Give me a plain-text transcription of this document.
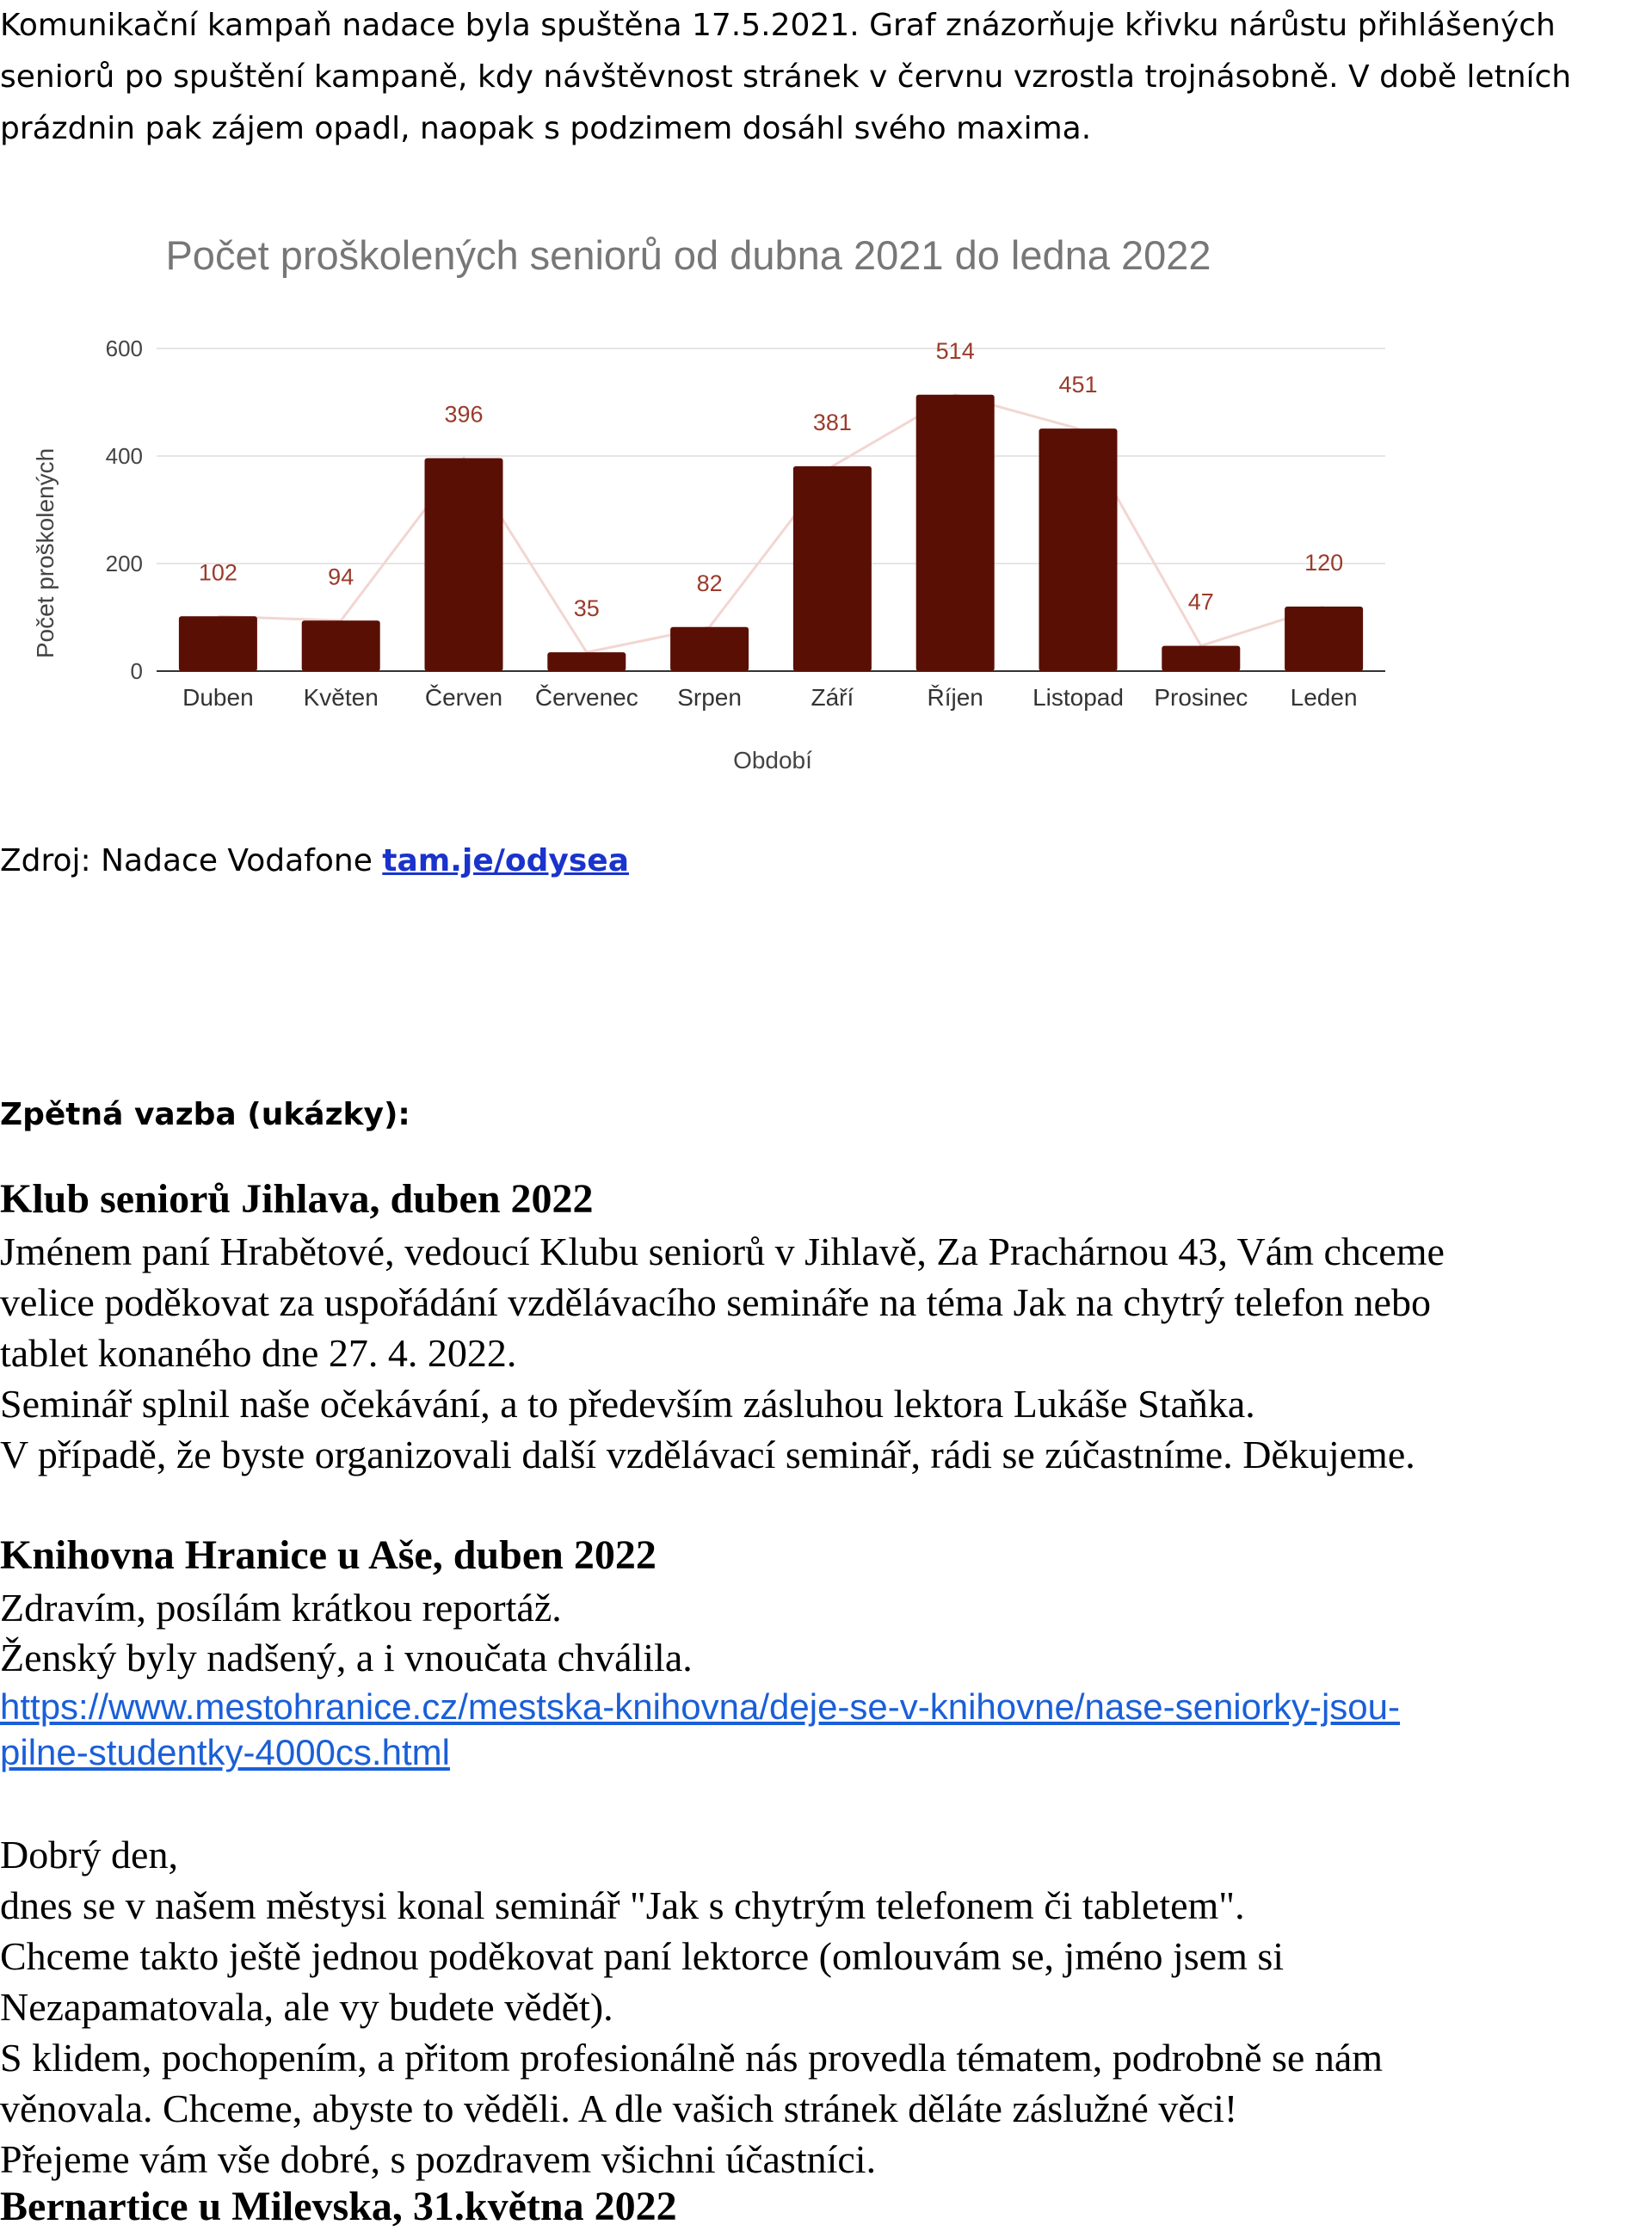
Komunikační kampaň nadace byla spuštěna 17.5.2021. Graf znázorňuje křivku nárůstu přihlášených
seniorů po spuštění kampaně, kdy návštěvnost stránek v červnu vzrostla trojnásobně. V době letních
prázdnin pak zájem opadl, naopak s podzimem dosáhl svého maxima.
Počet proškolených seniorů od dubna 2021 do ledna 2022
0
200
400
600
102	94
396
35
82
381
514
451
47
120
Duben Květen Červen Červenec Srpen	Září	Říjen Listopad Prosinec Leden
Období
Počet proškolených
Zdroj: Nadace Vodafone tam.je/odysea
Zpětná vazba (ukázky):
Klub seniorů Jihlava, duben 2022
Jménem paní Hrabětové, vedoucí Klubu seniorů v Jihlavě, Za Prachárnou 43, Vám chceme
velice poděkovat za uspořádání vzdělávacího semináře na téma Jak na chytrý telefon nebo
tablet konaného dne 27. 4. 2022.
Seminář splnil naše očekávání, a to především zásluhou lektora Lukáše Staňka.
V případě, že byste organizovali další vzdělávací seminář, rádi se zúčastníme. Děkujeme.
Knihovna Hranice u Aše, duben 2022
Zdravím, posílám krátkou reportáž.
Ženský byly nadšený, a i vnoučata chválila.
https://www.mestohranice.cz/mestska-knihovna/deje-se-v-knihovne/nase-seniorky-jsou-
pilne-studentky-4000cs.html
Dobrý den,
dnes se v našem městysi konal seminář "Jak s chytrým telefonem či tabletem".
Chceme takto ještě jednou poděkovat paní lektorce (omlouvám se, jméno jsem si
Nezapamatovala, ale vy budete vědět).
S klidem, pochopením, a přitom profesionálně nás provedla tématem, podrobně se nám
věnovala. Chceme, abyste to věděli. A dle vašich stránek děláte záslužné věci!
Přejeme vám vše dobré, s pozdravem všichni účastníci.
Bernartice u Milevska, 31.května 2022
